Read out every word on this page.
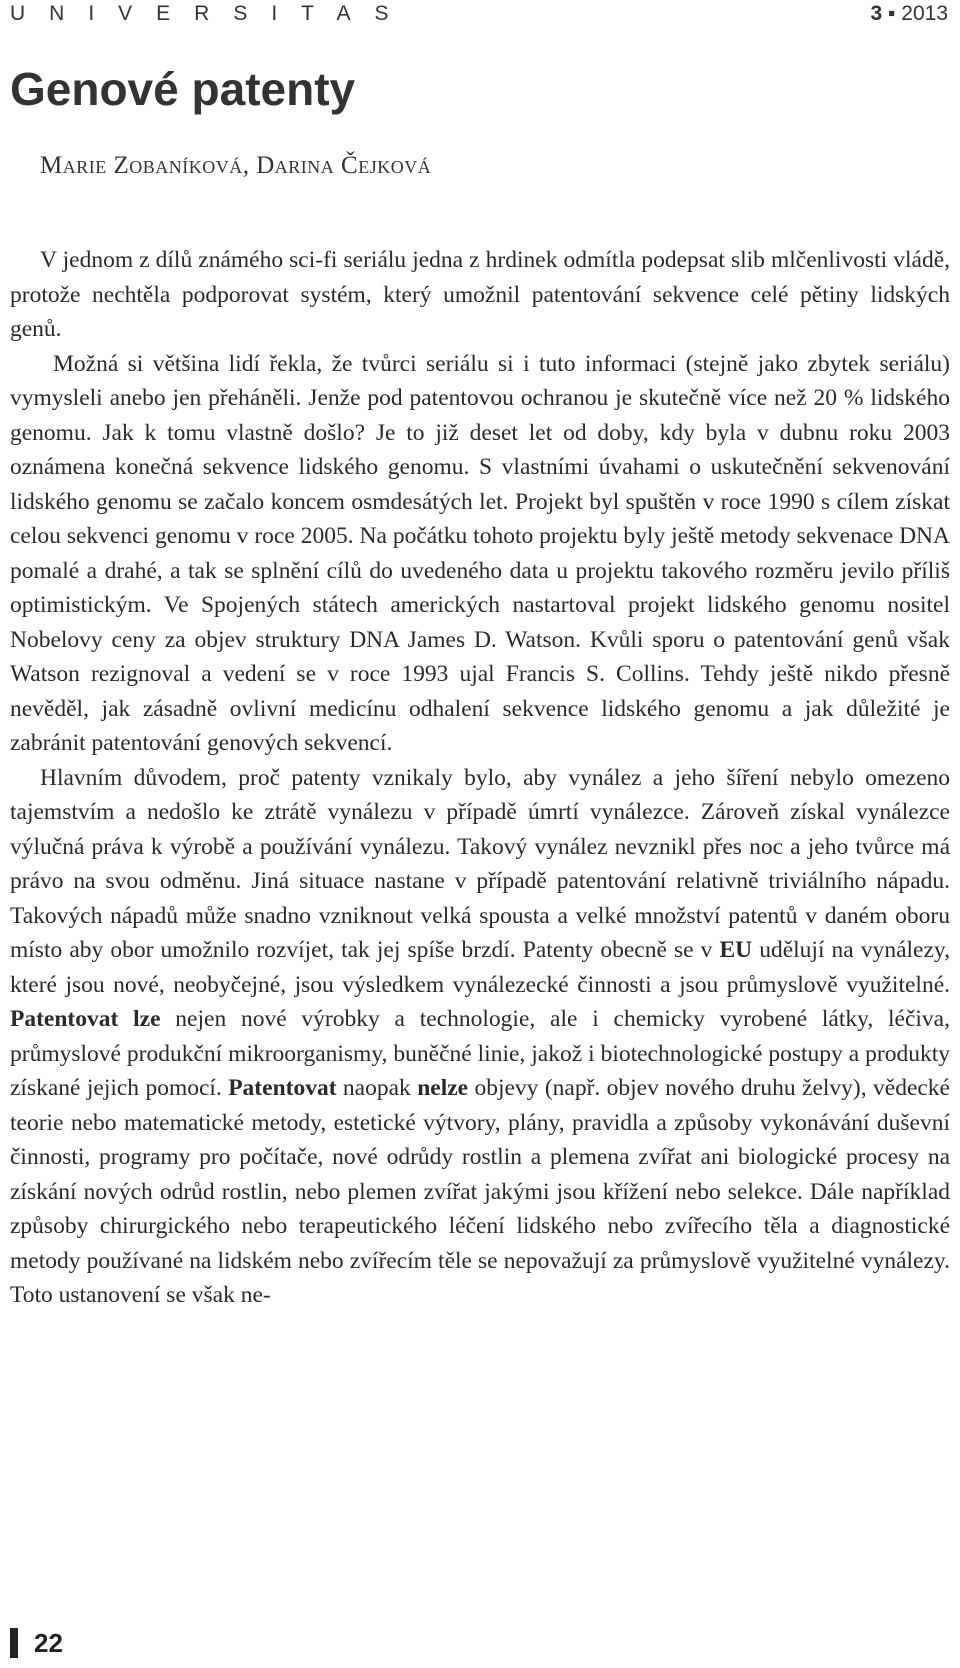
UNIVERSITAS	3 ▪ 2013
Genové patenty
Marie Zobaníková, Darina Čejková

V jednom z dílů známého sci-fi seriálu jedna z hrdinek odmítla podepsat slib mlčenlivosti vládě, protože nechtěla podporovat systém, který umožnil patentování sekvence celé pětiny lidských genů.

Možná si většina lidí řekla, že tvůrci seriálu si i tuto informaci (stejně jako zbytek seriálu) vymysleli anebo jen přeháněli. Jenže pod patentovou ochranou je skutečně více než 20 % lidského genomu. Jak k tomu vlastně došlo? Je to již deset let od doby, kdy byla v dubnu roku 2003 oznámena konečná sekvence lidského genomu. S vlastními úvahami o uskutečnění sekvenování lidského genomu se začalo koncem osmdesátých let. Projekt byl spuštěn v roce 1990 s cílem získat celou sekvenci genomu v roce 2005. Na počátku tohoto projektu byly ještě metody sekvenace DNA pomalé a drahé, a tak se splnění cílů do uvedeného data u projektu takového rozměru jevilo příliš optimistickým. Ve Spojených státech amerických nastartoval projekt lidského genomu nositel Nobelovy ceny za objev struktury DNA James D. Watson. Kvůli sporu o patentování genů však Watson rezignoval a vedení se v roce 1993 ujal Francis S. Collins. Tehdy ještě nikdo přesně nevěděl, jak zásadně ovlivní medicínu odhalení sekvence lidského genomu a jak důležité je zabránit patentování genových sekvencí.

Hlavním důvodem, proč patenty vznikaly bylo, aby vynález a jeho šíření nebylo omezeno tajemstvím a nedošlo ke ztrátě vynálezu v případě úmrtí vynálezce. Zároveň získal vynálezce výlučná práva k výrobě a používání vynálezu. Takový vynález nevznikl přes noc a jeho tvůrce má právo na svou odměnu. Jiná situace nastane v případě patentování relativně triviálního nápadu. Takových nápadů může snadno vzniknout velká spousta a velké množství patentů v daném oboru místo aby obor umožnilo rozvíjet, tak jej spíše brzdí. Patenty obecně se v EU udělují na vynálezy, které jsou nové, neobyčejné, jsou výsledkem vynálezecké činnosti a jsou průmyslově využitelné. Patentovat lze nejen nové výrobky a technologie, ale i chemicky vyrobené látky, léčiva, průmyslové produkční mikroorganismy, buněčné linie, jakož i biotechnologické postupy a produkty získané jejich pomocí. Patentovat naopak nelze objevy (např. objev nového druhu želvy), vědecké teorie nebo matematické metody, estetické výtvory, plány, pravidla a způsoby vykonávání duševní činnosti, programy pro počítače, nové odrůdy rostlin a plemena zvířat ani biologické procesy na získání nových odrůd rostlin, nebo plemen zvířat jakými jsou křížení nebo selekce. Dále například způsoby chirurgického nebo terapeutického léčení lidského nebo zvířecího těla a diagnostické metody používané na lidském nebo zvířecím těle se nepovažují za průmyslově využitelné vynálezy. Toto ustanovení se však ne-

22
